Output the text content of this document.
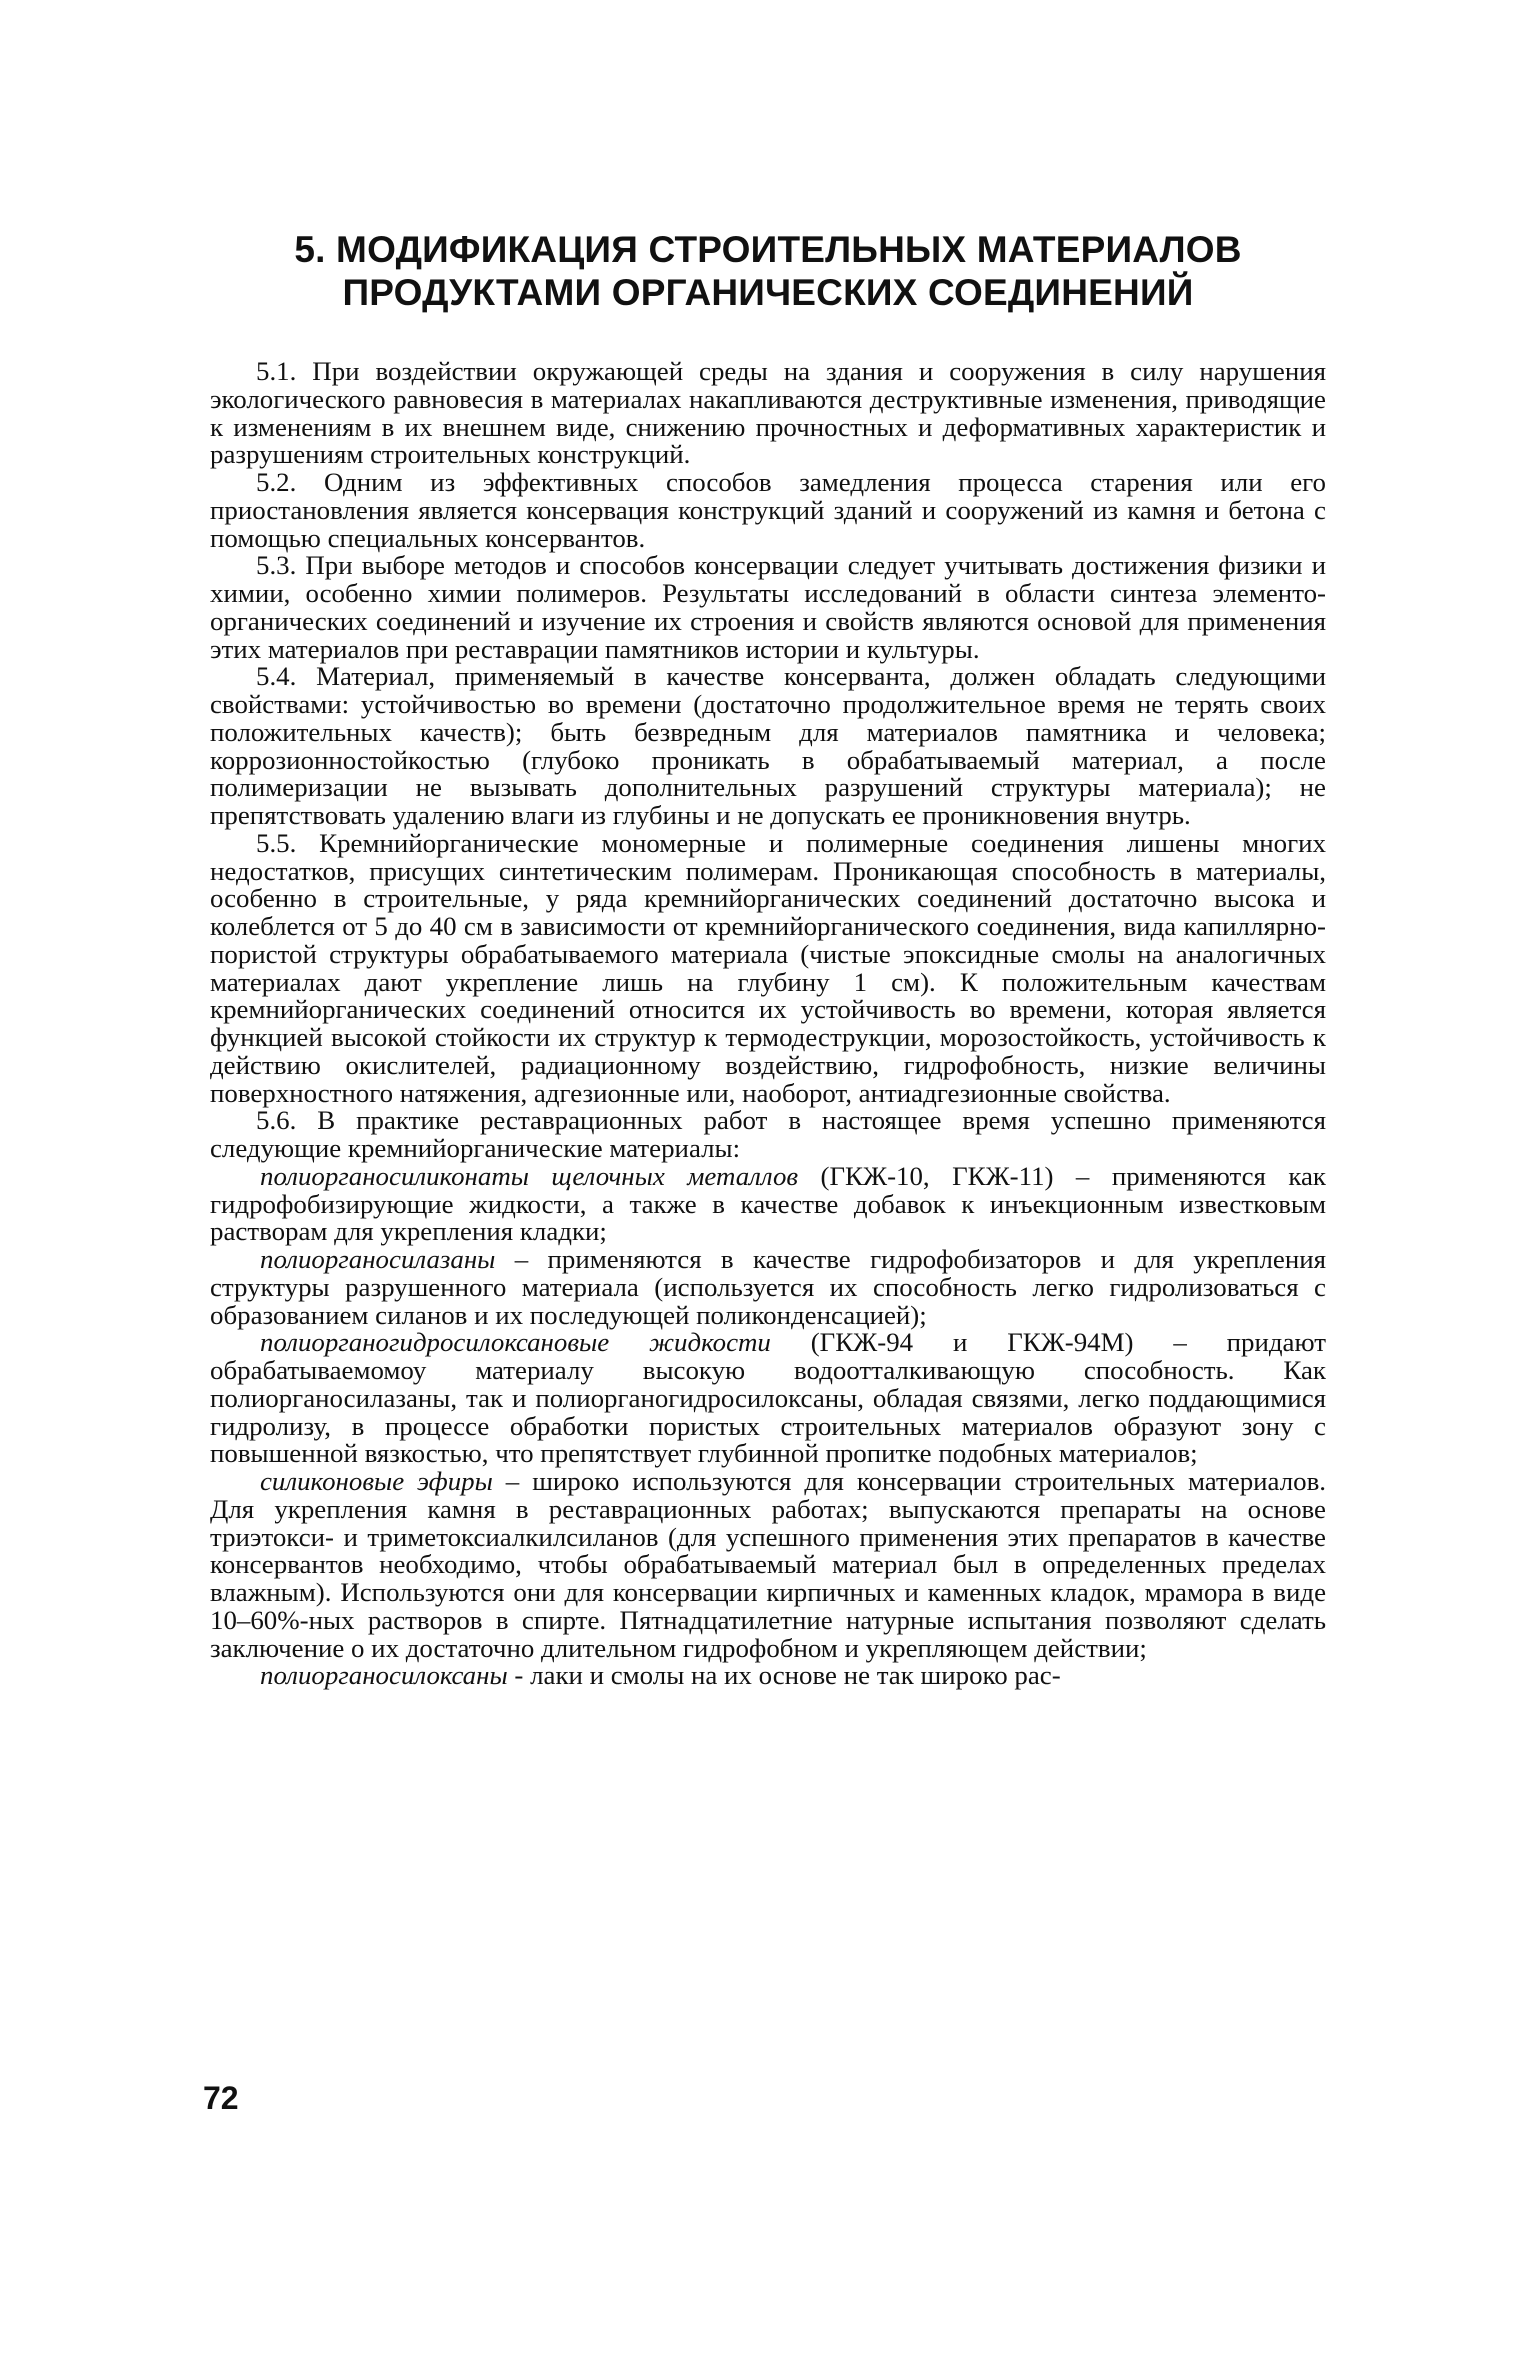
5. МОДИФИКАЦИЯ СТРОИТЕЛЬНЫХ МАТЕРИАЛОВ
ПРОДУКТАМИ ОРГАНИЧЕСКИХ СОЕДИНЕНИЙ

5.1. При воздействии окружающей среды на здания и сооружения в силу нарушения экологического равновесия в материалах накапливаются деструктивные изменения, приводящие к изменениям в их внешнем виде, снижению прочностных и деформативных характеристик и разрушениям строительных конструкций.

5.2. Одним из эффективных способов замедления процесса старения или его приостановления является консервация конструкций зданий и сооружений из камня и бетона с помощью специальных консервантов.

5.3. При выборе методов и способов консервации следует учитывать достижения физики и химии, особенно химии полимеров. Результаты исследований в области синтеза элементо-органических соединений и изучение их строения и свойств являются основой для применения этих материалов при реставрации памятников истории и культуры.

5.4. Материал, применяемый в качестве консерванта, должен обладать следующими свойствами: устойчивостью во времени (достаточно продолжительное время не терять своих положительных качеств); быть безвредным для материалов памятника и человека; коррозионностойкостью (глубоко проникать в обрабатываемый материал, а после полимеризации не вызывать дополнительных разрушений структуры материала); не препятствовать удалению влаги из глубины и не допускать ее проникновения внутрь.

5.5. Кремнийорганические мономерные и полимерные соединения лишены многих недостатков, присущих синтетическим полимерам. Проникающая способность в материалы, особенно в строительные, у ряда кремнийорганических соединений достаточно высока и колеблется от 5 до 40 см в зависимости от кремнийорганического соединения, вида капиллярно-пористой структуры обрабатываемого материала (чистые эпоксидные смолы на аналогичных материалах дают укрепление лишь на глубину 1 см). К положительным качествам кремнийорганических соединений относится их устойчивость во времени, которая является функцией высокой стойкости их структур к термодеструкции, морозостойкость, устойчивость к действию окислителей, радиационному воздействию, гидрофобность, низкие величины поверхностного натяжения, адгезионные или, наоборот, антиадгезионные свойства.

5.6. В практике реставрационных работ в настоящее время успешно применяются следующие кремнийорганические материалы:

полиорганосиликонаты щелочных металлов (ГКЖ-10, ГКЖ-11) – применяются как гидрофобизирующие жидкости, а также в качестве добавок к инъекционным известковым растворам для укрепления кладки;

полиорганосилазаны – применяются в качестве гидрофобизаторов и для укрепления структуры разрушенного материала (используется их способность легко гидролизоваться с образованием силанов и их последующей поликонденсацией);

полиорганогидросилоксановые жидкости (ГКЖ-94 и ГКЖ-94М) – придают обрабатываемомоу материалу высокую водоотталкивающую способность. Как полиорганосилазаны, так и полиорганогидросилоксаны, обладая связями, легко поддающимися гидролизу, в процессе обработки пористых строительных материалов образуют зону с повышенной вязкостью, что препятствует глубинной пропитке подобных материалов;

силиконовые эфиры – широко используются для консервации строительных материалов. Для укрепления камня в реставрационных работах; выпускаются препараты на основе триэтокси- и триметоксиалкилсиланов (для успешного применения этих препаратов в качестве консервантов необходимо, чтобы обрабатываемый материал был в определенных пределах влажным). Используются они для консервации кирпичных и каменных кладок, мрамора в виде 10–60%-ных растворов в спирте. Пятнадцатилетние натурные испытания позволяют сделать заключение о их достаточно длительном гидрофобном и укрепляющем действии;

полиорганосилоксаны - лаки и смолы на их основе не так широко рас-

72
